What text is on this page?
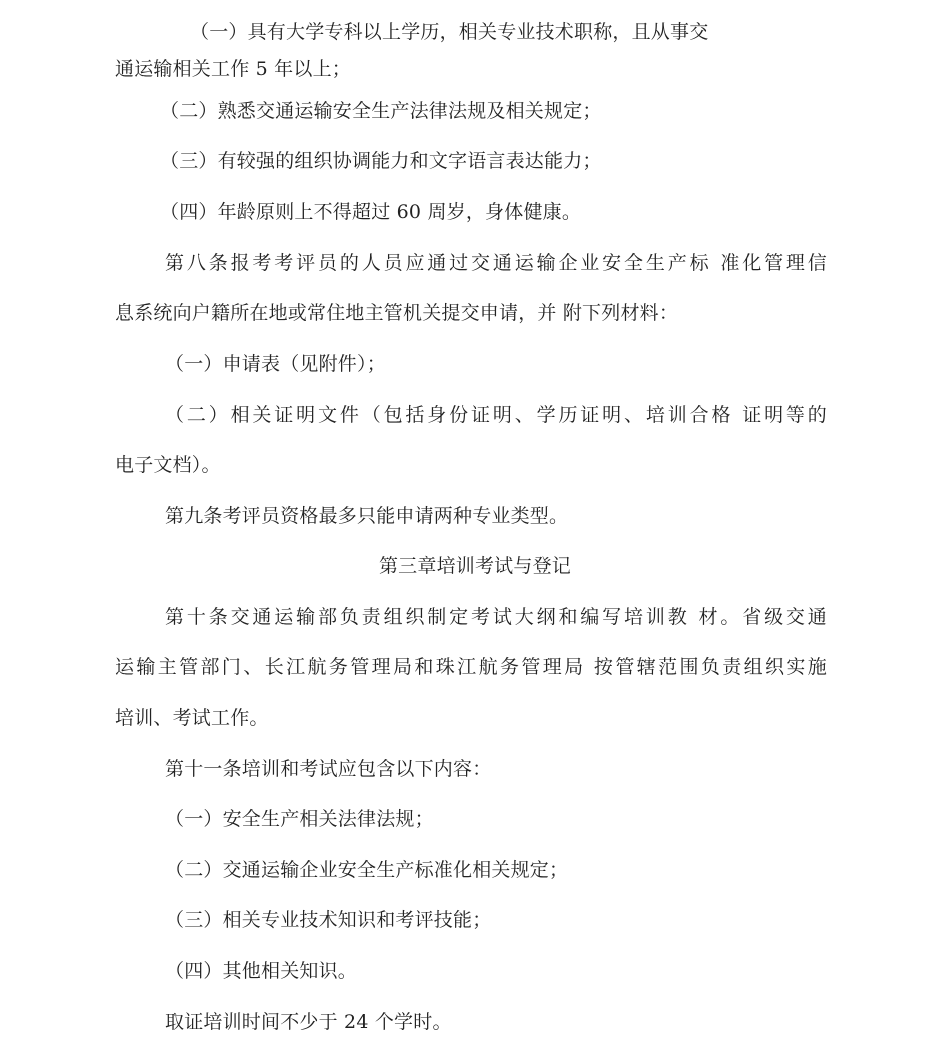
（一）具有大学专科以上学历，相关专业技术职称，且从事交
通运输相关工作 5 年以上；
（二）熟悉交通运输安全生产法律法规及相关规定；
（三）有较强的组织协调能力和文字语言表达能力；
（四）年龄原则上不得超过 60 周岁，身体健康。
第八条报考考评员的人员应通过交通运输企业安全生产标 准化管理信
息系统向户籍所在地或常住地主管机关提交申请，并 附下列材料：
（一）申请表（见附件）；
（二）相关证明文件（包括身份证明、学历证明、培训合格 证明等的
电子文档）。
第九条考评员资格最多只能申请两种专业类型。
第三章培训考试与登记
第十条交通运输部负责组织制定考试大纲和编写培训教 材。省级交通
运输主管部门、长江航务管理局和珠江航务管理局 按管辖范围负责组织实施
培训、考试工作。
第十一条培训和考试应包含以下内容：
（一）安全生产相关法律法规；
（二）交通运输企业安全生产标准化相关规定；
（三）相关专业技术知识和考评技能；
（四）其他相关知识。
取证培训时间不少于 24 个学时。
